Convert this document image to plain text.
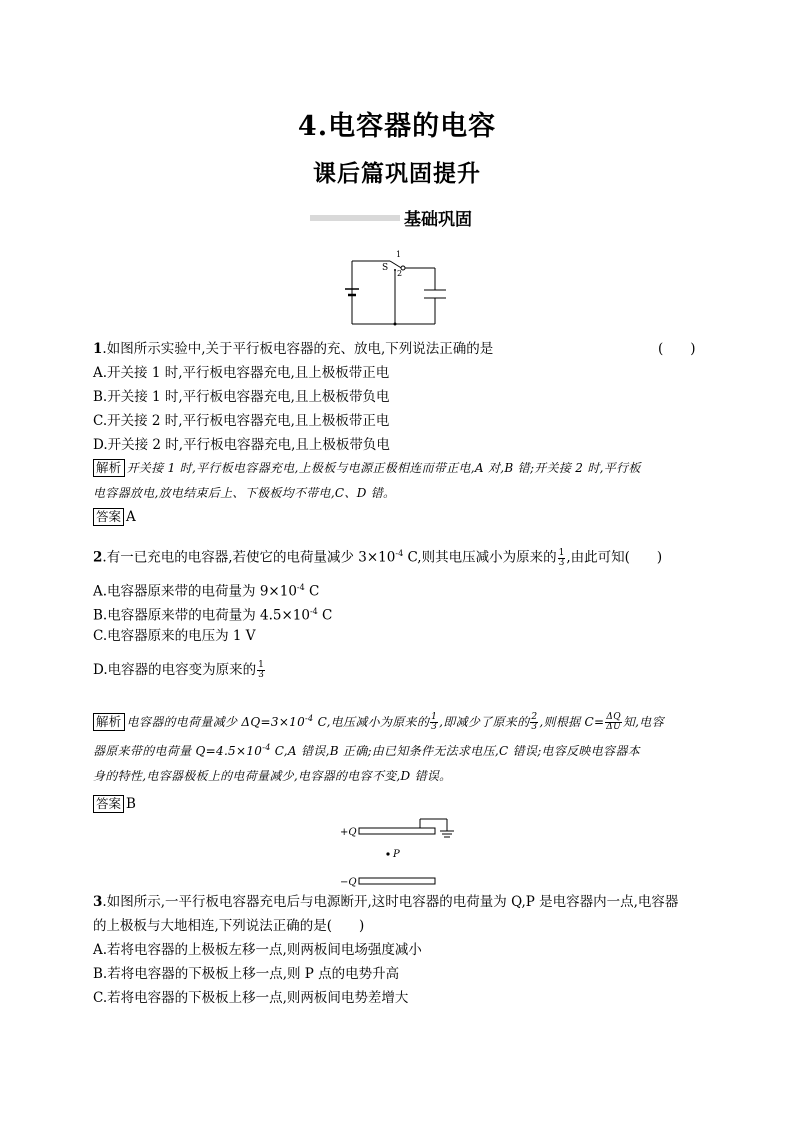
4.电容器的电容
课后篇巩固提升
基础巩固
S
1
2
1.如图所示实验中,关于平行板电容器的充、放电,下列说法正确的是	(　　)
A.开关接 1 时,平行板电容器充电,且上极板带正电
B.开关接 1 时,平行板电容器充电,且上极板带负电
C.开关接 2 时,平行板电容器充电,且上极板带正电
D.开关接 2 时,平行板电容器充电,且上极板带负电
解析 开关接 1 时,平行板电容器充电,上极板与电源正极相连而带正电,A 对,B 错;开关接 2 时,平行板
电容器放电,放电结束后上、下极板均不带电,C、D 错。
答案 A
2.有一已充电的电容器,若使它的电荷量减少 $3\times 10^{-4}$ C,则其电压减小为原来的 $\frac{1}{3}$ ,由此可知(　　)
A.电容器原来带的电荷量为 $9\times 10^{-4}$ C
B.电容器原来带的电荷量为 $4.5\times 10^{-4}$ C
C.电容器原来的电压为 1 V
D.电容器的电容变为原来的 $\frac{1}{3}$
解析 电容器的电荷量减少 $\Delta Q=3\times 10^{-4}$ C,电压减小为原来的 $\frac{1}{3}$ ,即减少了原来的 $\frac{2}{3}$ ,则根据 $C= \frac{\Delta Q}{\Delta U}$ 知,电容
器原来带的电荷量 $Q=4.5\times 10^{-4}$ C,A 错误,B 正确;由已知条件无法求电压,C 错误;电容反映电容器本
身的特性,电容器极板上的电荷量减少,电容器的电容不变,D 错误。
答案 B
+Q
−Q
P
3.如图所示,一平行板电容器充电后与电源断开,这时电容器的电荷量为 Q,P 是电容器内一点,电容器
的上极板与大地相连,下列说法正确的是(　　)
A.若将电容器的上极板左移一点,则两板间电场强度减小
B.若将电容器的下极板上移一点,则 P 点的电势升高
C.若将电容器的下极板上移一点,则两板间电势差增大
